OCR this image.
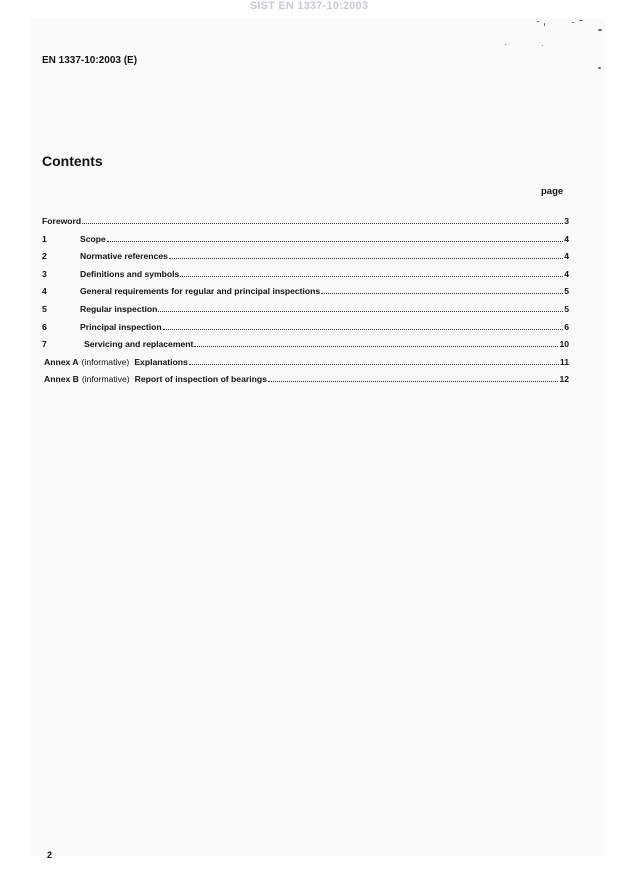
SIST EN 1337-10:2003
EN 1337-10:2003 (E)
Contents
page
Foreword	3
1	Scope	4
2	Normative references	4
3	Definitions and symbols	4
4	General requirements for regular and principal inspections	5
5	Regular inspection	5
6	Principal inspection	6
7	Servicing and replacement	10
Annex A (informative) Explanations	11
Annex B (informative) Report of inspection of bearings	12
2
